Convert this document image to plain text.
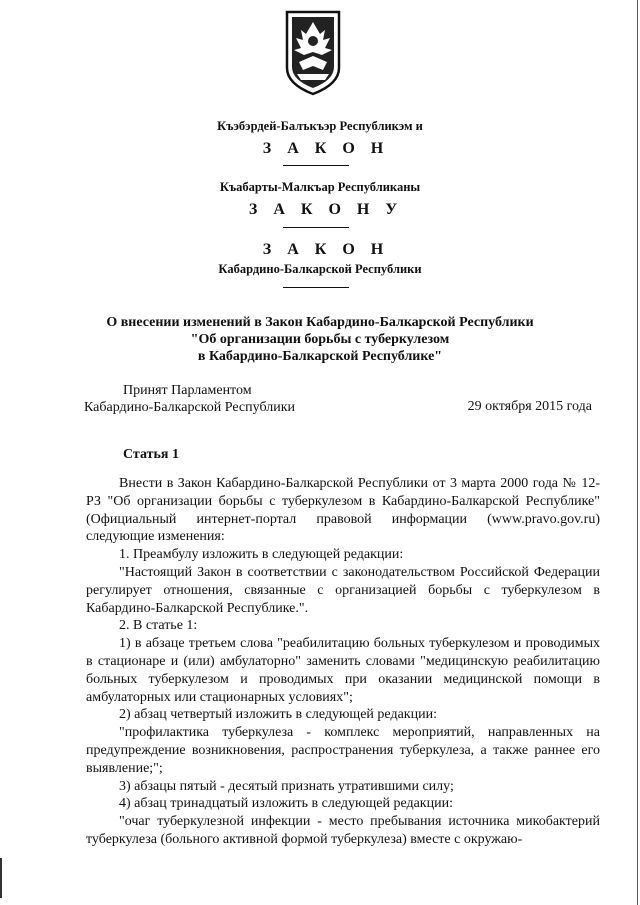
Къэбэрдей-Балъкъэр Республикэм и
З А К О Н
Къабарты-Малкъар Республиканы
З А К О Н У
З А К О Н
Кабардино-Балкарской Республики
О внесении изменений в Закон Кабардино-Балкарской Республики
"Об организации борьбы с туберкулезом
в Кабардино-Балкарской Республике"
Принят Парламентом
Кабардино-Балкарской Республики	29 октября 2015 года
Статья 1

Внести в Закон Кабардино-Балкарской Республики от 3 марта 2000 года № 12-РЗ "Об организации борьбы с туберкулезом в Кабардино-Балкарской Республике" (Официальный интернет-портал правовой информации (www.pravo.gov.ru) следующие изменения:

1. Преамбулу изложить в следующей редакции:

"Настоящий Закон в соответствии с законодательством Российской Федерации регулирует отношения, связанные с организацией борьбы с туберкулезом в Кабардино-Балкарской Республике.".

2. В статье 1:

1) в абзаце третьем слова "реабилитацию больных туберкулезом и проводимых в стационаре и (или) амбулаторно" заменить словами "медицинскую реабилитацию больных туберкулезом и проводимых при оказании медицинской помощи в амбулаторных или стационарных условиях";

2) абзац четвертый изложить в следующей редакции:

"профилактика туберкулеза - комплекс мероприятий, направленных на предупреждение возникновения, распространения туберкулеза, а также раннее его выявление;";

3) абзацы пятый - десятый признать утратившими силу;

4) абзац тринадцатый изложить в следующей редакции:

"очаг туберкулезной инфекции - место пребывания источника микобактерий туберкулеза (больного активной формой туберкулеза) вместе с окружаю-
